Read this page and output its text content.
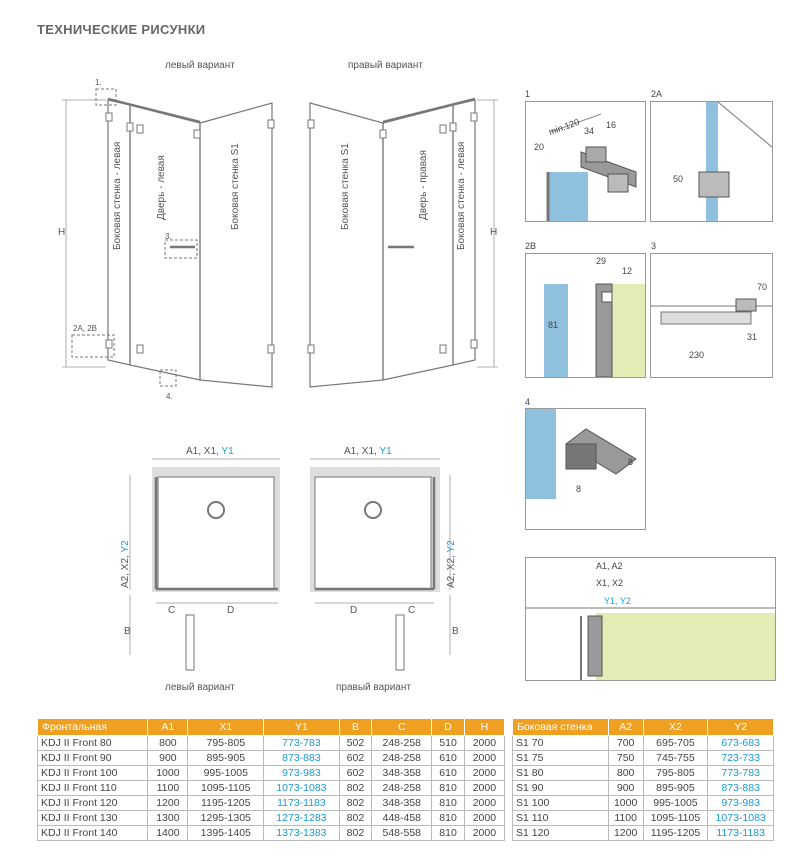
ТЕХНИЧЕСКИЕ РИСУНКИ
левый вариант	правый вариант
Боковая стенка - левая	Дверь - левая	Боковая стенка S1	Боковая стенка S1	Дверь - правая	Боковая стенка - левая
H	H
1.
2A, 2B
3.
4.
A1, X1, Y1	A1, X1, Y1
A2, X2, Y2
A2, X2, Y2
C	D	D	C
B	B
левый вариант	правый вариант
1
min.120 34
16
20
2A
50
2B
29
12
81
3
70
31
230
4
8
8
A1, A2
X1, X2
Y1, Y2
Фронтальная	A1	X1	Y1	B	C	D	H
KDJ II Front 80	800	795-805	773-783	502	248-258	510	2000
KDJ II Front 90	900	895-905	873-883	602	248-258	610	2000
KDJ II Front 100	1000	995-1005	973-983	602	348-358	610	2000
KDJ II Front 110	1100	1095-1105	1073-1083	802	248-258	810	2000
KDJ II Front 120	1200	1195-1205	1173-1183	802	348-358	810	2000
KDJ II Front 130	1300	1295-1305	1273-1283	802	448-458	810	2000
KDJ II Front 140	1400	1395-1405	1373-1383	802	548-558	810	2000
Боковая стенка	A2	X2	Y2
S1 70	700	695-705	673-683
S1 75	750	745-755	723-733
S1 80	800	795-805	773-783
S1 90	900	895-905	873-883
S1 100	1000	995-1005	973-983
S1 110	1100	1095-1105	1073-1083
S1 120	1200	1195-1205	1173-1183
